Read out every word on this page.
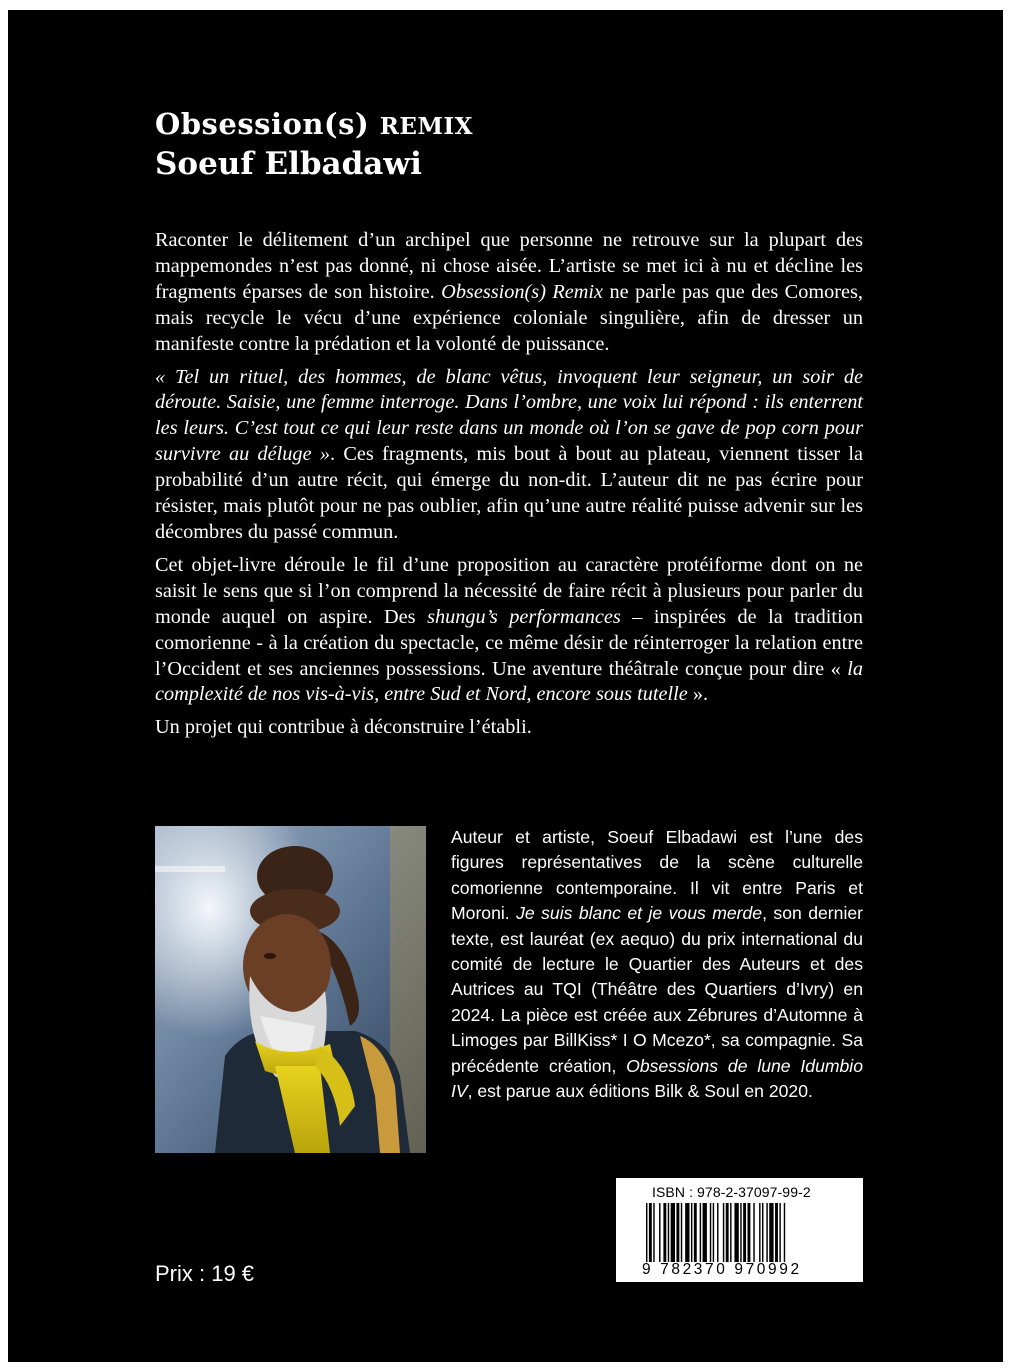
Obsession(s) REMIX
Soeuf Elbadawi

Raconter le délitement d’un archipel que personne ne retrouve sur la plupart des mappemondes n’est pas donné, ni chose aisée. L’artiste se met ici à nu et décline les fragments éparses de son histoire. Obsession(s) Remix ne parle pas que des Comores, mais recycle le vécu d’une expérience coloniale singulière, afin de dresser un manifeste contre la prédation et la volonté de puissance.

« Tel un rituel, des hommes, de blanc vêtus, invoquent leur seigneur, un soir de déroute. Saisie, une femme interroge. Dans l’ombre, une voix lui répond : ils enterrent les leurs. C’est tout ce qui leur reste dans un monde où l’on se gave de pop corn pour survivre au déluge ». Ces fragments, mis bout à bout au plateau, viennent tisser la probabilité d’un autre récit, qui émerge du non-dit. L’auteur dit ne pas écrire pour résister, mais plutôt pour ne pas oublier, afin qu’une autre réalité puisse advenir sur les décombres du passé commun.

Cet objet-livre déroule le fil d’une proposition au caractère protéiforme dont on ne saisit le sens que si l’on comprend la nécessité de faire récit à plusieurs pour parler du monde auquel on aspire. Des shungu’s performances – inspirées de la tradition comorienne - à la création du spectacle, ce même désir de réinterroger la relation entre l’Occident et ses anciennes possessions. Une aventure théâtrale conçue pour dire « la complexité de nos vis-à-vis, entre Sud et Nord, encore sous tutelle ».

Un projet qui contribue à déconstruire l’établi.

Auteur et artiste, Soeuf Elbadawi est l’une des figures représentatives de la scène culturelle comorienne contemporaine. Il vit entre Paris et Moroni. Je suis blanc et je vous merde, son dernier texte, est lauréat (ex aequo) du prix international du comité de lecture le Quartier des Auteurs et des Autrices au TQI (Théâtre des Quartiers d’Ivry) en 2024. La pièce est créée aux Zébrures d’Automne à Limoges par BillKiss* I O Mcezo*, sa compagnie. Sa précédente création, Obsessions de lune Idumbio IV, est parue aux éditions Bilk & Soul en 2020.
ISBN : 978-2-37097-99-2
9 782370 970992
Prix : 19 €
